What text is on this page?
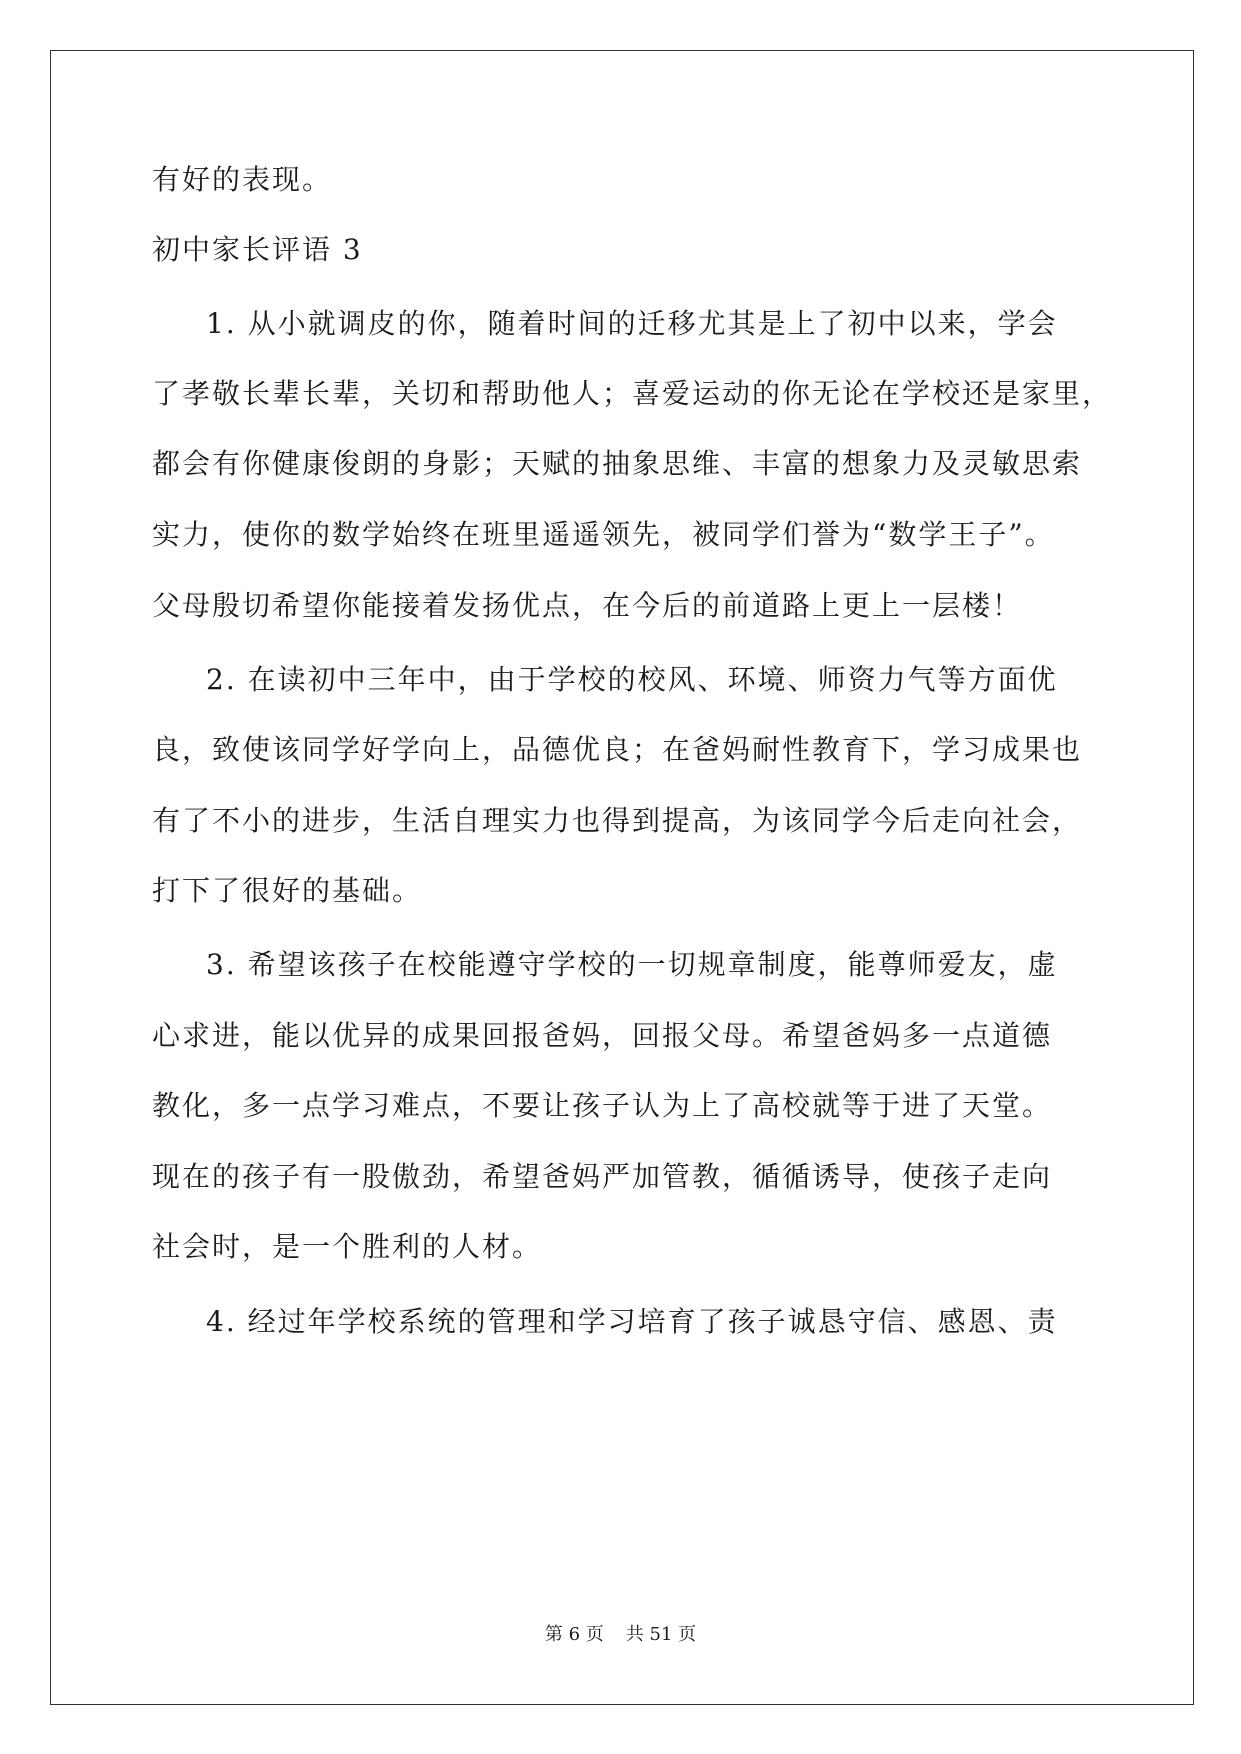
有好的表现。
初中家长评语 3
1. 从小就调皮的你，随着时间的迁移尤其是上了初中以来，学会
了孝敬长辈长辈，关切和帮助他人；喜爱运动的你无论在学校还是家里，
都会有你健康俊朗的身影；天赋的抽象思维、丰富的想象力及灵敏思索
实力，使你的数学始终在班里遥遥领先，被同学们誉为“数学王子”。
父母殷切希望你能接着发扬优点，在今后的前道路上更上一层楼！
2. 在读初中三年中，由于学校的校风、环境、师资力气等方面优
良，致使该同学好学向上，品德优良；在爸妈耐性教育下，学习成果也
有了不小的进步，生活自理实力也得到提高，为该同学今后走向社会，
打下了很好的基础。
3. 希望该孩子在校能遵守学校的一切规章制度，能尊师爱友，虚
心求进，能以优异的成果回报爸妈，回报父母。希望爸妈多一点道德
教化，多一点学习难点，不要让孩子认为上了高校就等于进了天堂。
现在的孩子有一股傲劲，希望爸妈严加管教，循循诱导，使孩子走向
社会时，是一个胜利的人材。
4. 经过年学校系统的管理和学习培育了孩子诚恳守信、感恩、责
第 6 页 共 51 页
